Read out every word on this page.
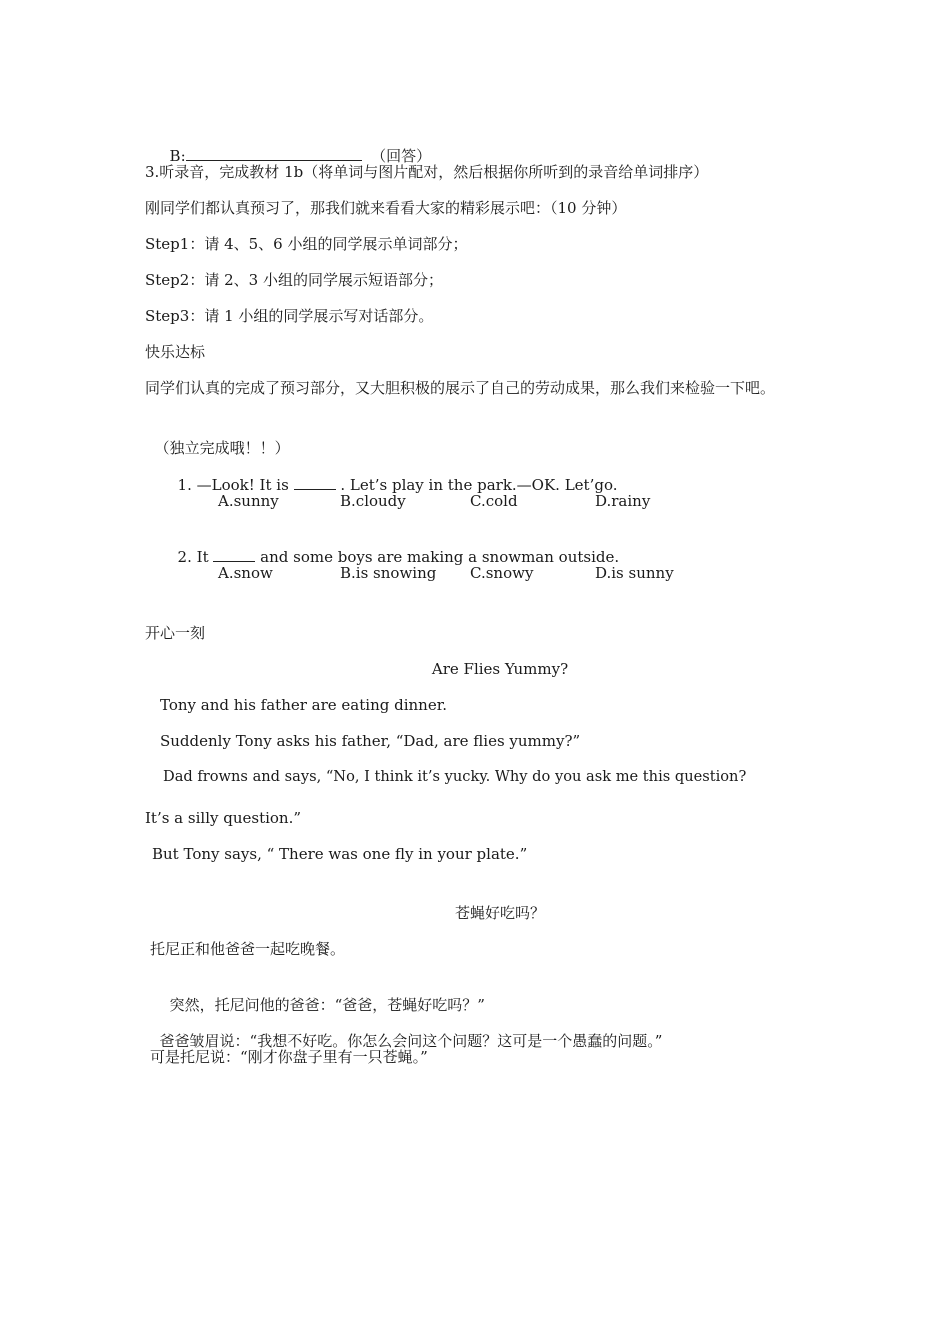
B:	（回答）

3.听录音，完成教材 1b（将单词与图片配对，然后根据你所听到的录音给单词排序）
刚同学们都认真预习了，那我们就来看看大家的精彩展示吧：（10 分钟）
Step1：请 4、5、6 小组的同学展示单词部分；
Step2：请 2、3 小组的同学展示短语部分；
Step3：请 1 小组的同学展示写对话部分。
快乐达标
同学们认真的完成了预习部分，又大胆积极的展示了自己的劳动成果，那么我们来检验一下吧。

（独立完成哦！！）

1. —Look! It is	. Let’s play in the park.—OK. Let’go.

A.sunny	B.cloudy	C.cold	D.rainy

2. It	and some boys are making a snowman outside.

A.snow	B.is snowing C.snowy	D.is sunny
开心一刻
Are Flies Yummy?
Tony and his father are eating dinner.
Suddenly Tony asks his father, “Dad, are flies yummy?”
Dad frowns and says, “No, I think it’s yucky. Why do you ask me this question?
It’s a silly question.”
But Tony says, “ There was one fly in your plate.”
苍蝇好吃吗？
托尼正和他爸爸一起吃晚餐。

突然，托尼问他的爸爸：“爸爸，苍蝇好吃吗？”

爸爸皱眉说：“我想不好吃。你怎么会问这个问题？这可是一个愚蠢的问题。”

可是托尼说：“刚才你盘子里有一只苍蝇。”
